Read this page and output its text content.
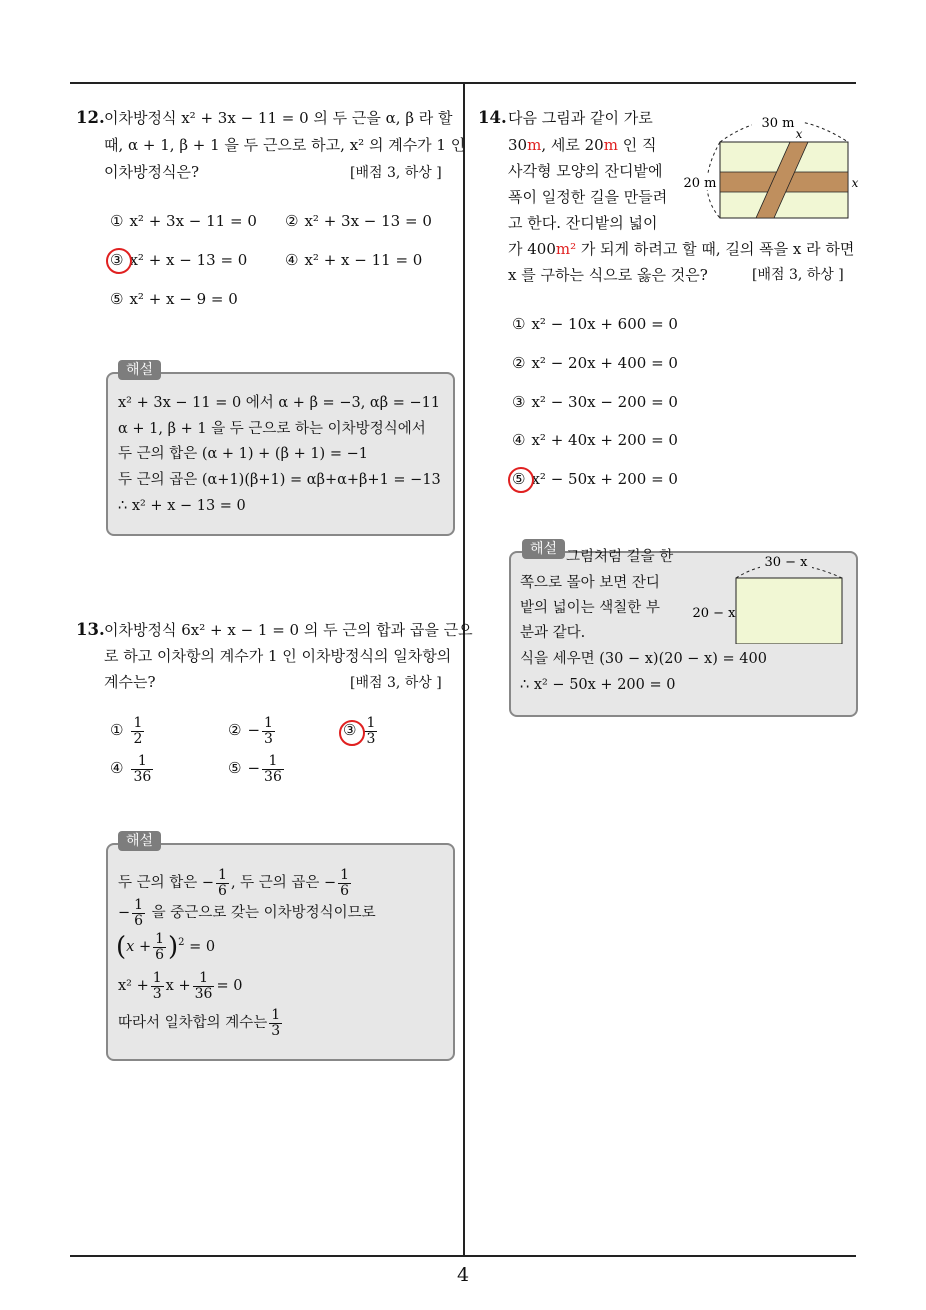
12. 이차방정식 x² + 3x − 11 = 0 의 두 근을 α, β 라 할
때, α + 1, β + 1 을 두 근으로 하고, x² 의 계수가 1 인
이차방정식은?	[배점 3, 하상 ]
① x² + 3x − 11 = 0 ② x² + 3x − 13 = 0
③ x² + x − 13 = 0	④ x² + x − 11 = 0
⑤ x² + x − 9 = 0
해설
x² + 3x − 11 = 0 에서 α + β = −3, αβ = −11
α + 1, β + 1 을 두 근으로 하는 이차방정식에서
두 근의 합은 (α + 1) + (β + 1) = −1
두 근의 곱은 (α+1)(β+1) = αβ+α+β+1 = −13
∴ x² + x − 13 = 0
13. 이차방정식 6x² + x − 1 = 0 의 두 근의 합과 곱을 근으
로 하고 이차항의 계수가 1 인 이차방정식의 일차항의
계수는?	[배점 3, 하상 ]
① $\frac{1}{2}$	② − $\frac{1}{3}$	③ $\frac{1}{3}$
④ $\frac{1}{36}$	⑤ − $\frac{1}{36}$
해설
두 근의 합은 − $\frac{1}{6}$ , 두 근의 곱은 − $\frac{1}{6}$
− $\frac{1}{6}$ 을 중근으로 갖는 이차방정식이므로
$(x + \frac{1}{6} )^2 = 0$
$x^2 + \frac{1}{3}$ $x + \frac{1}{36} = 0$
따라서 일차합의 계수는 $\frac{1}{3}$
14. 다음 그림과 같이 가로
30m, 세로 20m 인 직
사각형 모양의 잔디밭에
폭이 일정한 길을 만들려
고 한다. 잔디밭의 넓이
가 400m² 가 되게 하려고 할 때, 길의 폭을 x 라 하면
x 를 구하는 식으로 옳은 것은?	[배점 3, 하상 ]
30 m
x
20 m	x
① x² − 10x + 600 = 0
② x² − 20x + 400 = 0
③ x² − 30x − 200 = 0
④ x² + 40x + 200 = 0
⑤ x² − 50x + 200 = 0
해설 그림처럼 길을 한
쪽으로 몰아 보면 잔디
밭의 넓이는 색칠한 부
분과 같다.
식을 세우면 (30 − x)(20 − x) = 400
∴ x² − 50x + 200 = 0
30 − x
20 − x
4
